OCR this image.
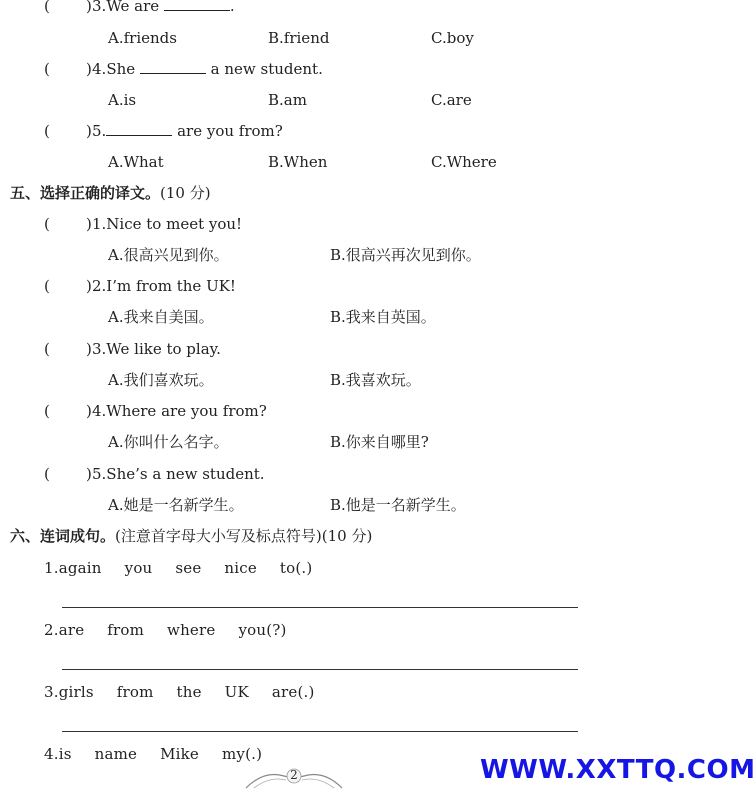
( ) 3.We are	.
A.friends	B.friend	C.boy
( ) 4.She	a new student.
A.is	B.am	C.are
( ) 5.	are you from?
A.What	B.When	C.Where
五、选择正确的译文。(10 分)
( ) 1.Nice to meet you!
A.很高兴见到你。	B.很高兴再次见到你。
( ) 2.I’m from the UK!
A.我来自美国。	B.我来自英国。
( ) 3.We like to play.
A.我们喜欢玩。	B.我喜欢玩。
( ) 4.Where are you from?
A.你叫什么名字。	B.你来自哪里?
( ) 5.She’s a new student.
A.她是一名新学生。	B.他是一名新学生。
六、连词成句。(注意首字母大小写及标点符号)(10 分)
1.again you see nice to(.)
2.are from where you(?)
3.girls from the UK are(.)
4.is name Mike my(.)
2	WWW.XXTTQ.COM
